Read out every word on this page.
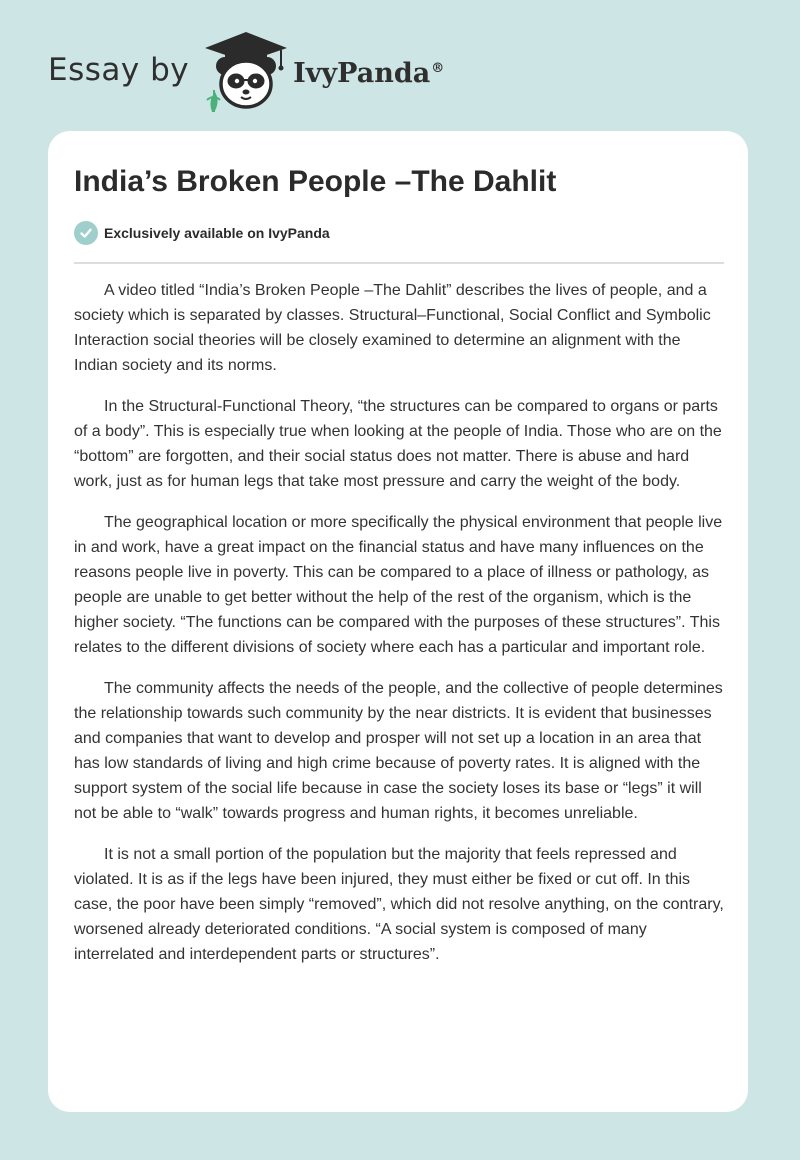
Essay by	IvyPanda®
India’s Broken People –The Dahlit
Exclusively available on IvyPanda

A video titled “India’s Broken People –The Dahlit” describes the lives of people, and a society which is separated by classes. Structural–Functional, Social Conflict and Symbolic Interaction social theories will be closely examined to determine an alignment with the Indian society and its norms.

In the Structural-Functional Theory, “the structures can be compared to organs or parts of a body”. This is especially true when looking at the people of India. Those who are on the “bottom” are forgotten, and their social status does not matter. There is abuse and hard work, just as for human legs that take most pressure and carry the weight of the body.

The geographical location or more specifically the physical environment that people live in and work, have a great impact on the financial status and have many influences on the reasons people live in poverty. This can be compared to a place of illness or pathology, as people are unable to get better without the help of the rest of the organism, which is the higher society. “The functions can be compared with the purposes of these structures”. This relates to the different divisions of society where each has a particular and important role.

The community affects the needs of the people, and the collective of people determines the relationship towards such community by the near districts. It is evident that businesses and companies that want to develop and prosper will not set up a location in an area that has low standards of living and high crime because of poverty rates. It is aligned with the support system of the social life because in case the society loses its base or “legs” it will not be able to “walk” towards progress and human rights, it becomes unreliable.

It is not a small portion of the population but the majority that feels repressed and violated. It is as if the legs have been injured, they must either be fixed or cut off. In this case, the poor have been simply “removed”, which did not resolve anything, on the contrary, worsened already deteriorated conditions. “A social system is composed of many interrelated and interdependent parts or structures”.
